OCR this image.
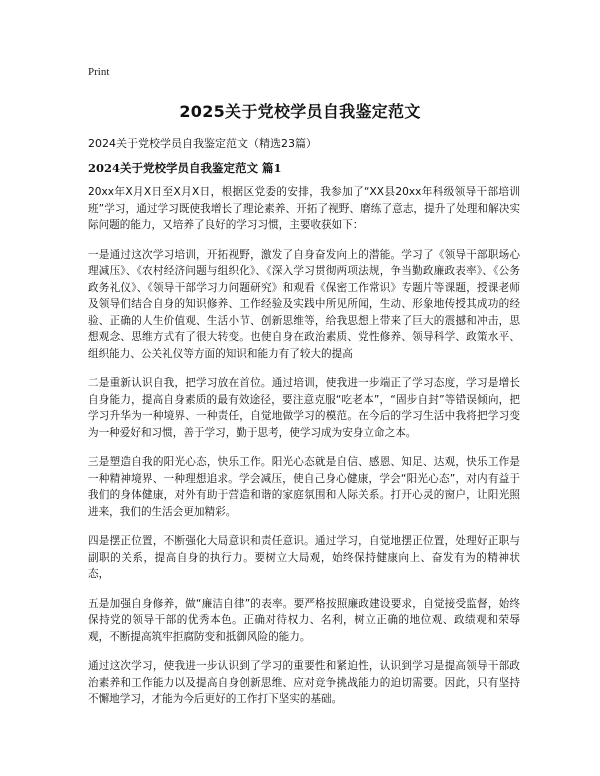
Print
2025关于党校学员自我鉴定范文

2024关于党校学员自我鉴定范文（精选23篇）

2024关于党校学员自我鉴定范文 篇1

20xx年X月X日至X月X日，根据区党委的安排，我参加了“XX县20xx年科级领导干部培训班”学习，通过学习既使我增长了理论素养、开拓了视野、磨练了意志，提升了处理和解决实际问题的能力，又培养了良好的学习习惯，主要收获如下：

一是通过这次学习培训，开拓视野，激发了自身奋发向上的潜能。学习了《领导干部职场心理减压》、《农村经济问题与组织化》、《深入学习贯彻两项法规，争当勤政廉政表率》、《公务政务礼仪》、《领导干部学习力问题研究》和观看《保密工作常识》专题片等课题，授课老师及领导们结合自身的知识修养、工作经验及实践中所见所闻，生动、形象地传授其成功的经验、正确的人生价值观、生活小节、创新思维等，给我思想上带来了巨大的震撼和冲击，思想观念、思维方式有了很大转变。也使自身在政治素质、党性修养、领导科学、政策水平、组织能力、公关礼仪等方面的知识和能力有了较大的提高

二是重新认识自我，把学习放在首位。通过培训，使我进一步端正了学习态度，学习是增长自身能力，提高自身素质的最有效途径，要注意克服“吃老本”，“固步自封”等错误倾向，把学习升华为一种境界、一种责任，自觉地做学习的模范。在今后的学习生活中我将把学习变为一种爱好和习惯，善于学习，勤于思考，使学习成为安身立命之本。

三是塑造自我的阳光心态，快乐工作。阳光心态就是自信、感恩、知足、达观，快乐工作是一种精神境界、一种理想追求。学会减压，使自己身心健康，学会“阳光心态”，对内有益于我们的身体健康，对外有助于营造和谐的家庭氛围和人际关系。打开心灵的窗户，让阳光照进来，我们的生活会更加精彩。

四是摆正位置，不断强化大局意识和责任意识。通过学习，自觉地摆正位置，处理好正职与副职的关系，提高自身的执行力。要树立大局观，始终保持健康向上、奋发有为的精神状态，

五是加强自身修养，做“廉洁自律”的表率。要严格按照廉政建设要求，自觉接受监督，始终保持党的领导干部的优秀本色。正确对待权力、名利，树立正确的地位观、政绩观和荣辱观，不断提高筑牢拒腐防变和抵御风险的能力。

通过这次学习，使我进一步认识到了学习的重要性和紧迫性，认识到学习是提高领导干部政治素养和工作能力以及提高自身创新思维、应对竞争挑战能力的迫切需要。因此，只有坚持不懈地学习，才能为今后更好的工作打下坚实的基础。
